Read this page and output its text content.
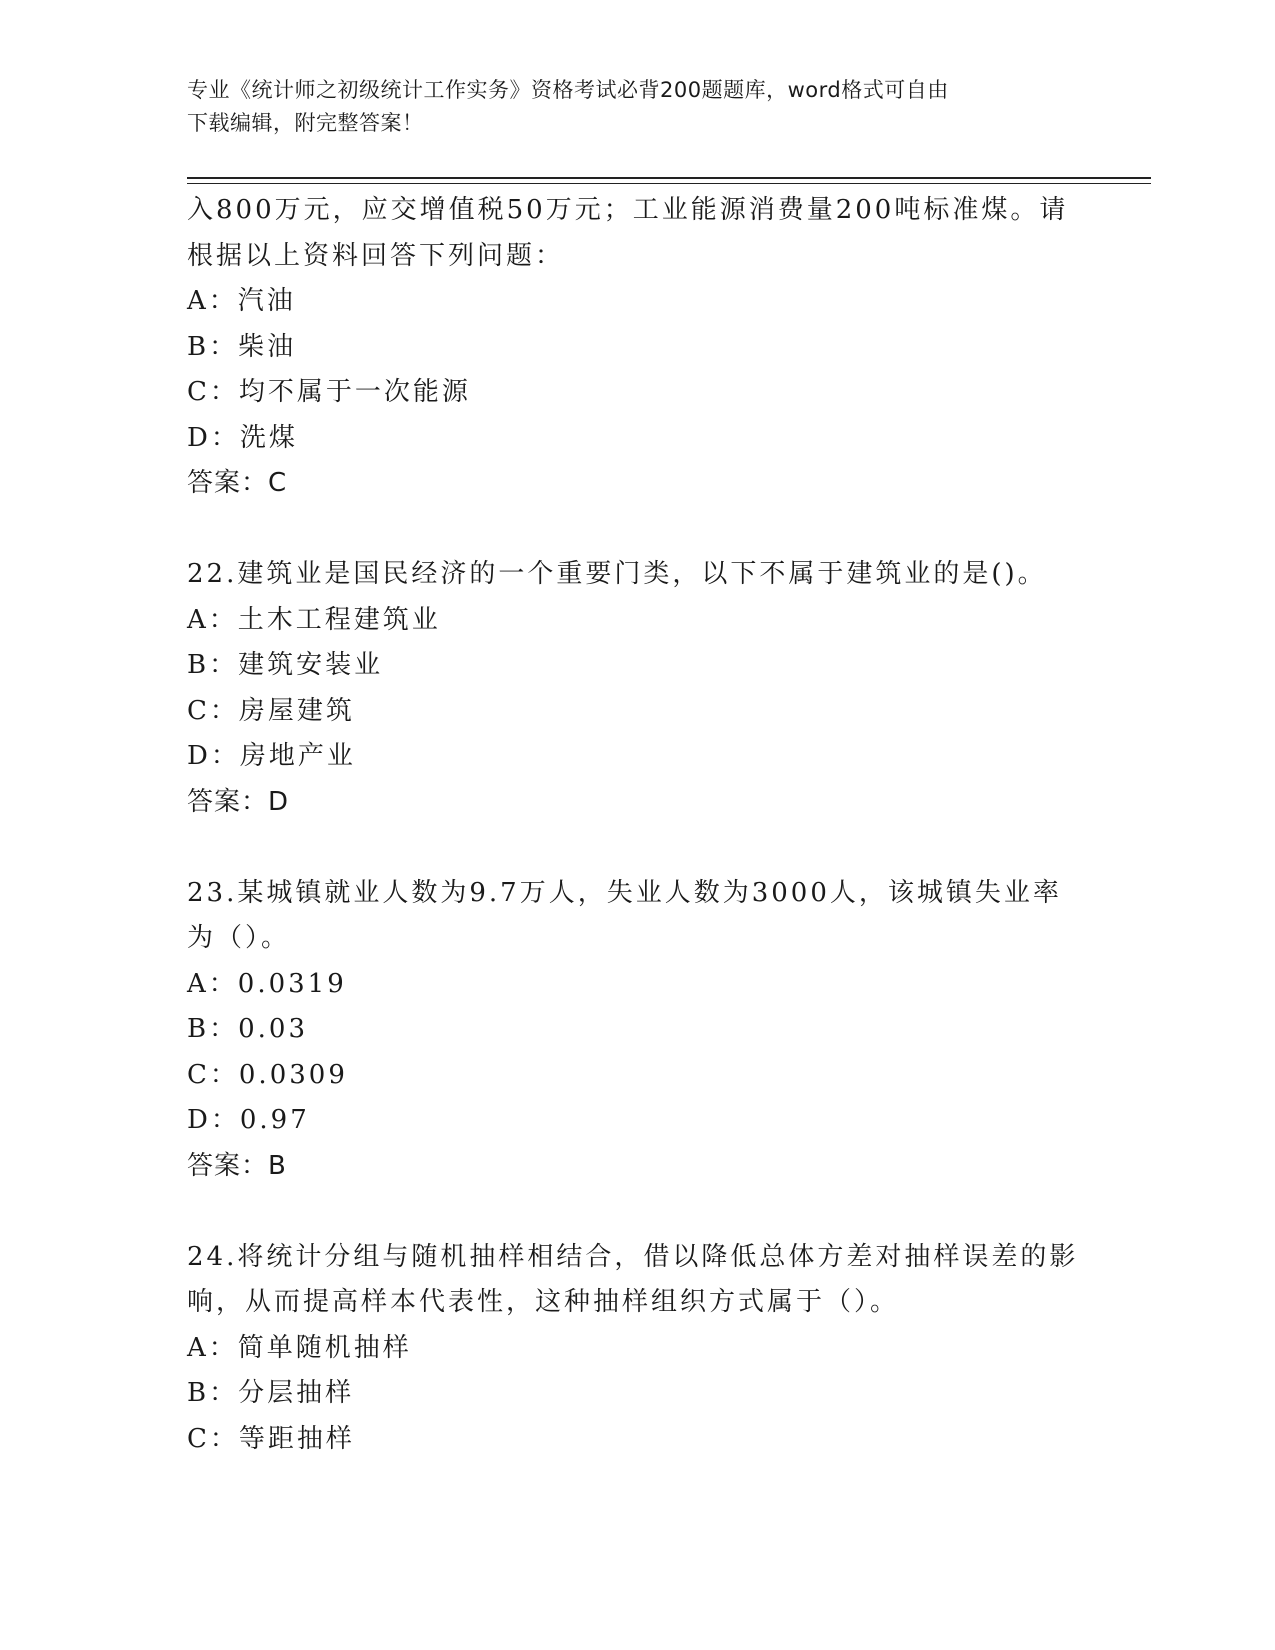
专业《统计师之初级统计工作实务》资格考试必背200题题库，word格式可自由
下载编辑，附完整答案！
入800万元，应交增值税50万元；工业能源消费量200吨标准煤。请
根据以上资料回答下列问题：
A：汽油
B：柴油
C：均不属于一次能源
D：洗煤
答案：C
22.建筑业是国民经济的一个重要门类，以下不属于建筑业的是()。
A：土木工程建筑业
B：建筑安装业
C：房屋建筑
D：房地产业
答案：D
23.某城镇就业人数为9.7万人，失业人数为3000人，该城镇失业率
为（）。
A：0.0319
B：0.03
C：0.0309
D：0.97
答案：B
24.将统计分组与随机抽样相结合，借以降低总体方差对抽样误差的影
响，从而提高样本代表性，这种抽样组织方式属于（）。
A：简单随机抽样
B：分层抽样
C：等距抽样
